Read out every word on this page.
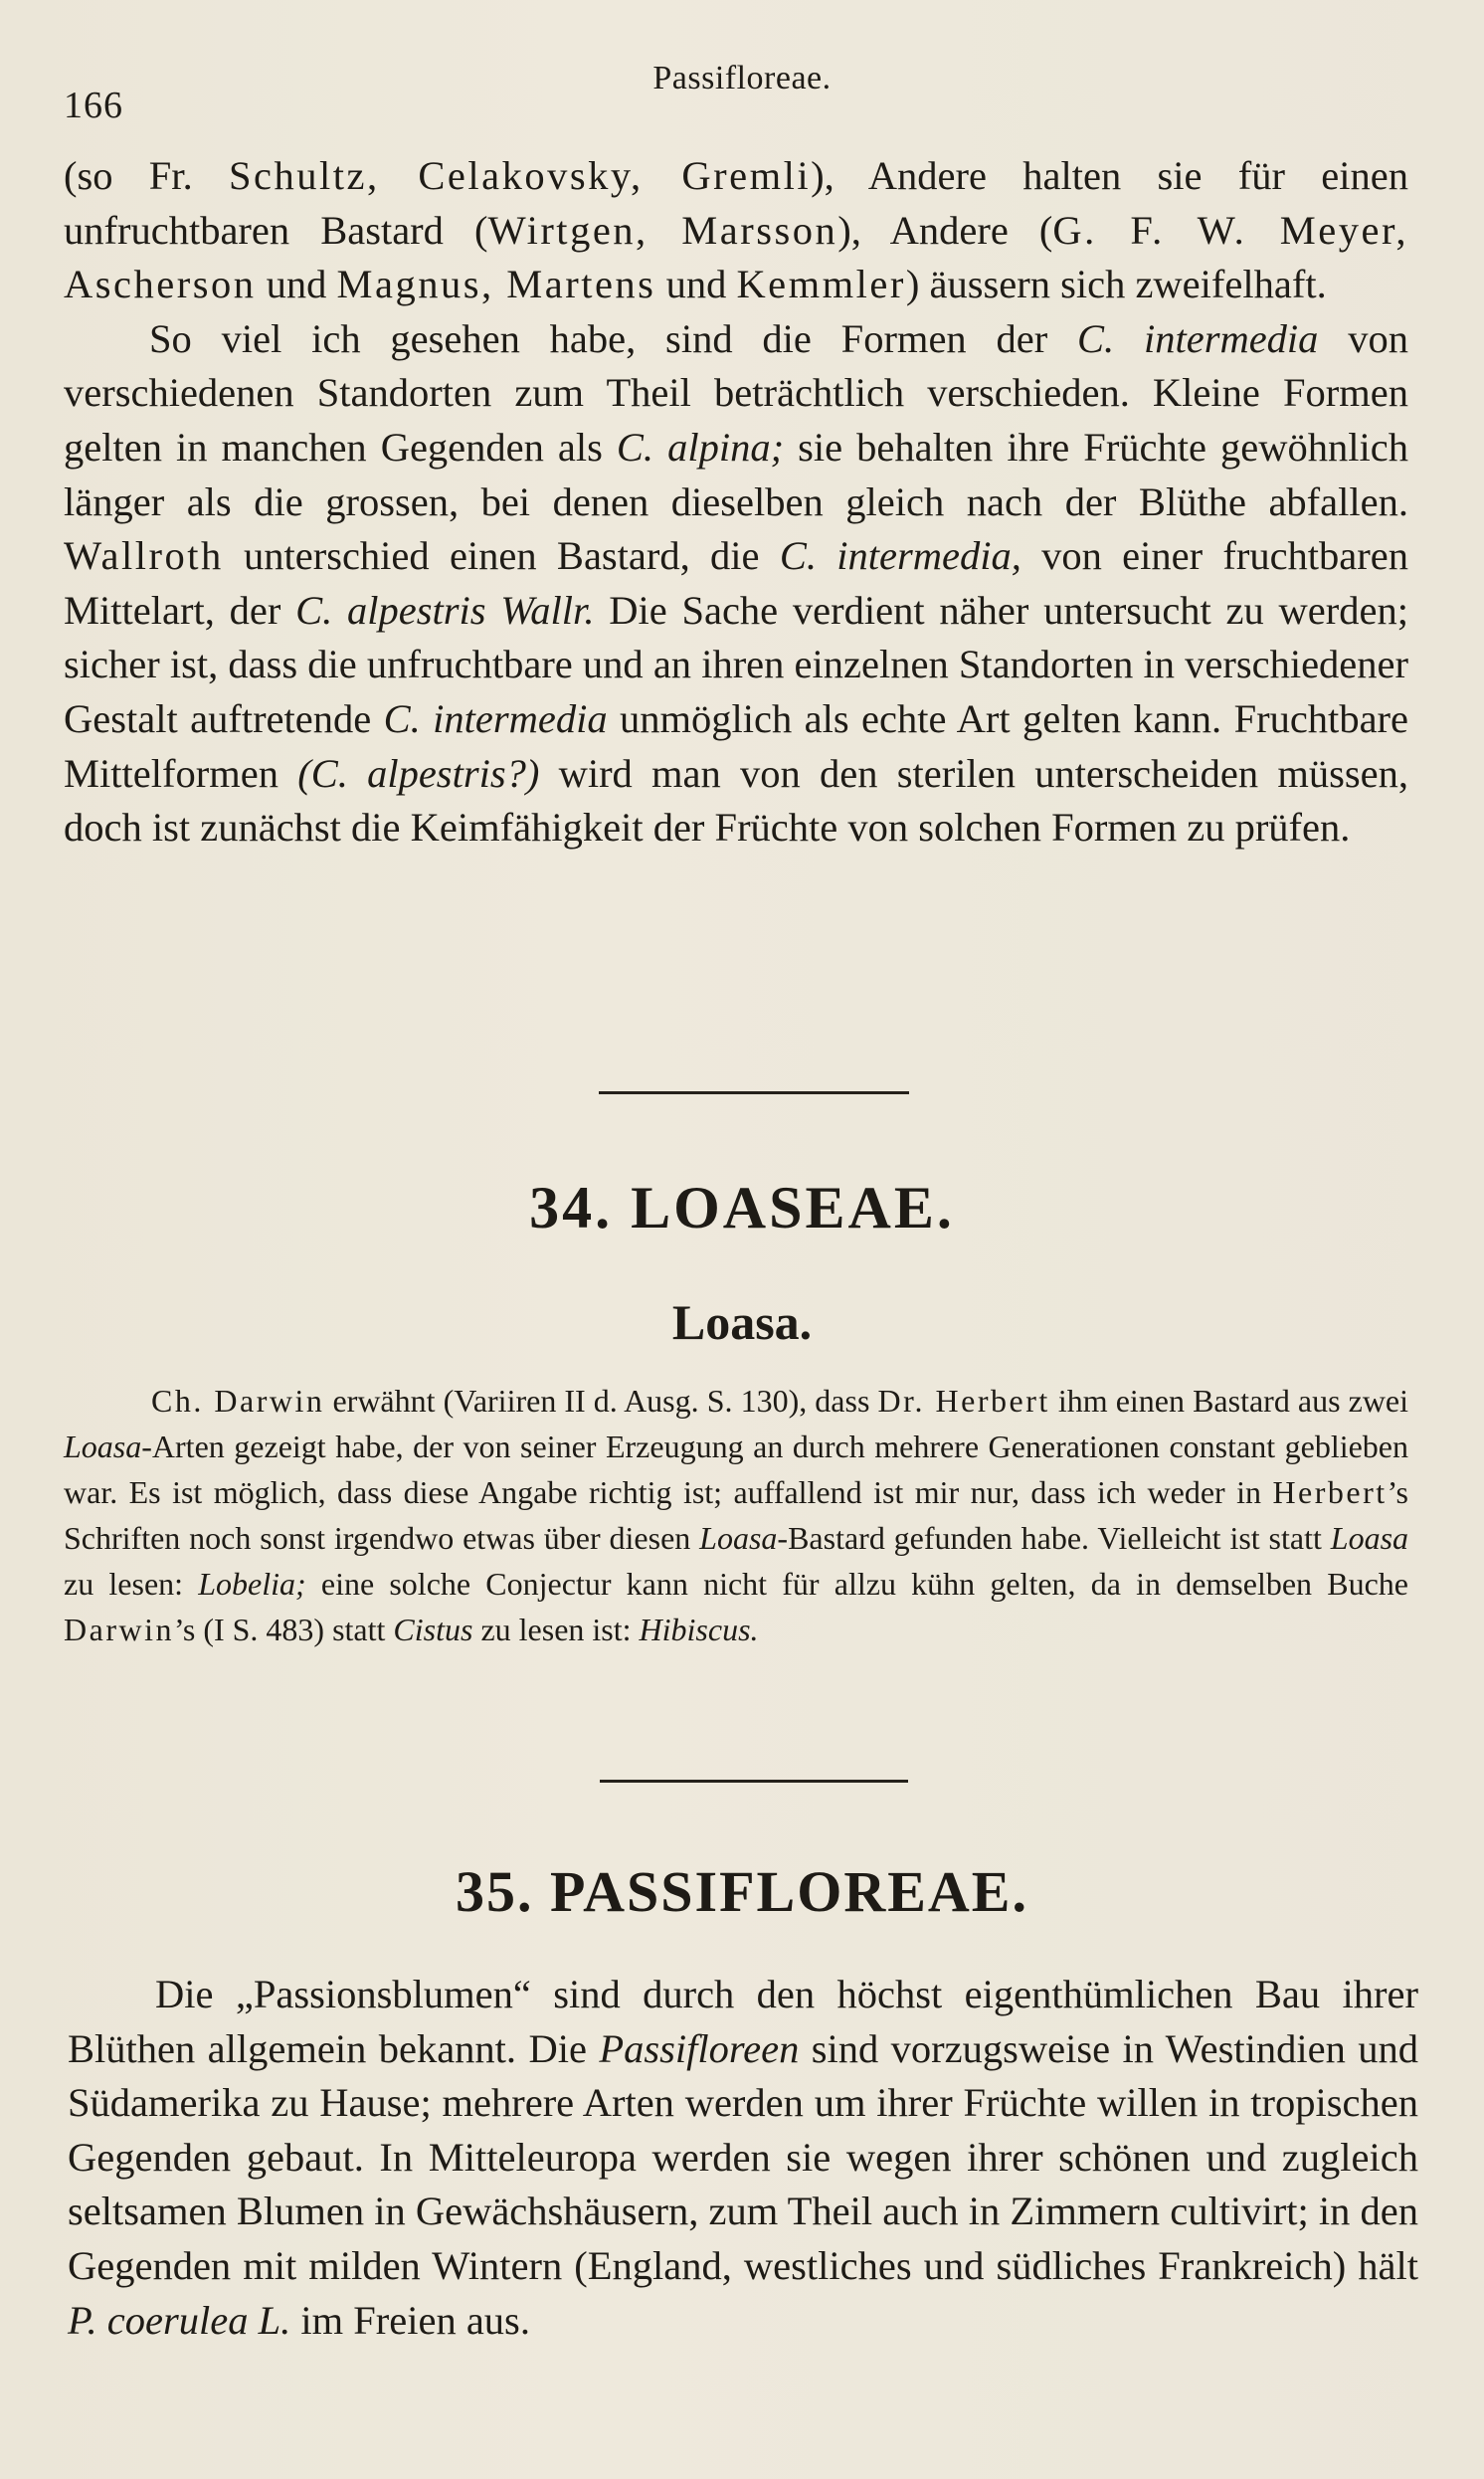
166
Passifloreae.

(so Fr. Schultz, Celakovsky, Gremli), Andere halten sie für einen unfruchtbaren Bastard (Wirtgen, Marsson), Andere (G. F. W. Meyer, Ascherson und Magnus, Martens und Kemmler) äussern sich zweifelhaft.

So viel ich gesehen habe, sind die Formen der C. intermedia von verschiedenen Standorten zum Theil beträchtlich verschieden. Kleine Formen gelten in manchen Gegenden als C. alpina; sie behalten ihre Früchte gewöhnlich länger als die grossen, bei denen dieselben gleich nach der Blüthe abfallen. Wallroth unterschied einen Bastard, die C. intermedia, von einer fruchtbaren Mittelart, der C. alpestris Wallr. Die Sache verdient näher untersucht zu werden; sicher ist, dass die unfruchtbare und an ihren einzelnen Standorten in verschiedener Gestalt auftretende C. intermedia unmöglich als echte Art gelten kann. Fruchtbare Mittelformen (C. alpestris?) wird man von den sterilen unterscheiden müssen, doch ist zunächst die Keimfähigkeit der Früchte von solchen Formen zu prüfen.

34. LOASEAE.
Loasa.

Ch. Darwin erwähnt (Variiren II d. Ausg. S. 130), dass Dr. Herbert ihm einen Bastard aus zwei Loasa-Arten gezeigt habe, der von seiner Erzeugung an durch mehrere Generationen constant geblieben war. Es ist möglich, dass diese Angabe richtig ist; auffallend ist mir nur, dass ich weder in Herbert’s Schriften noch sonst irgendwo etwas über diesen Loasa-Bastard gefunden habe. Vielleicht ist statt Loasa zu lesen: Lobelia; eine solche Conjectur kann nicht für allzu kühn gelten, da in demselben Buche Darwin’s (I S. 483) statt Cistus zu lesen ist: Hibiscus.

35. PASSIFLOREAE.

Die „Passionsblumen“ sind durch den höchst eigenthümlichen Bau ihrer Blüthen allgemein bekannt. Die Passifloreen sind vorzugsweise in Westindien und Südamerika zu Hause; mehrere Arten werden um ihrer Früchte willen in tropischen Gegenden gebaut. In Mitteleuropa werden sie wegen ihrer schönen und zugleich seltsamen Blumen in Gewächshäusern, zum Theil auch in Zimmern cultivirt; in den Gegenden mit milden Wintern (England, westliches und südliches Frankreich) hält P. coerulea L. im Freien aus.
